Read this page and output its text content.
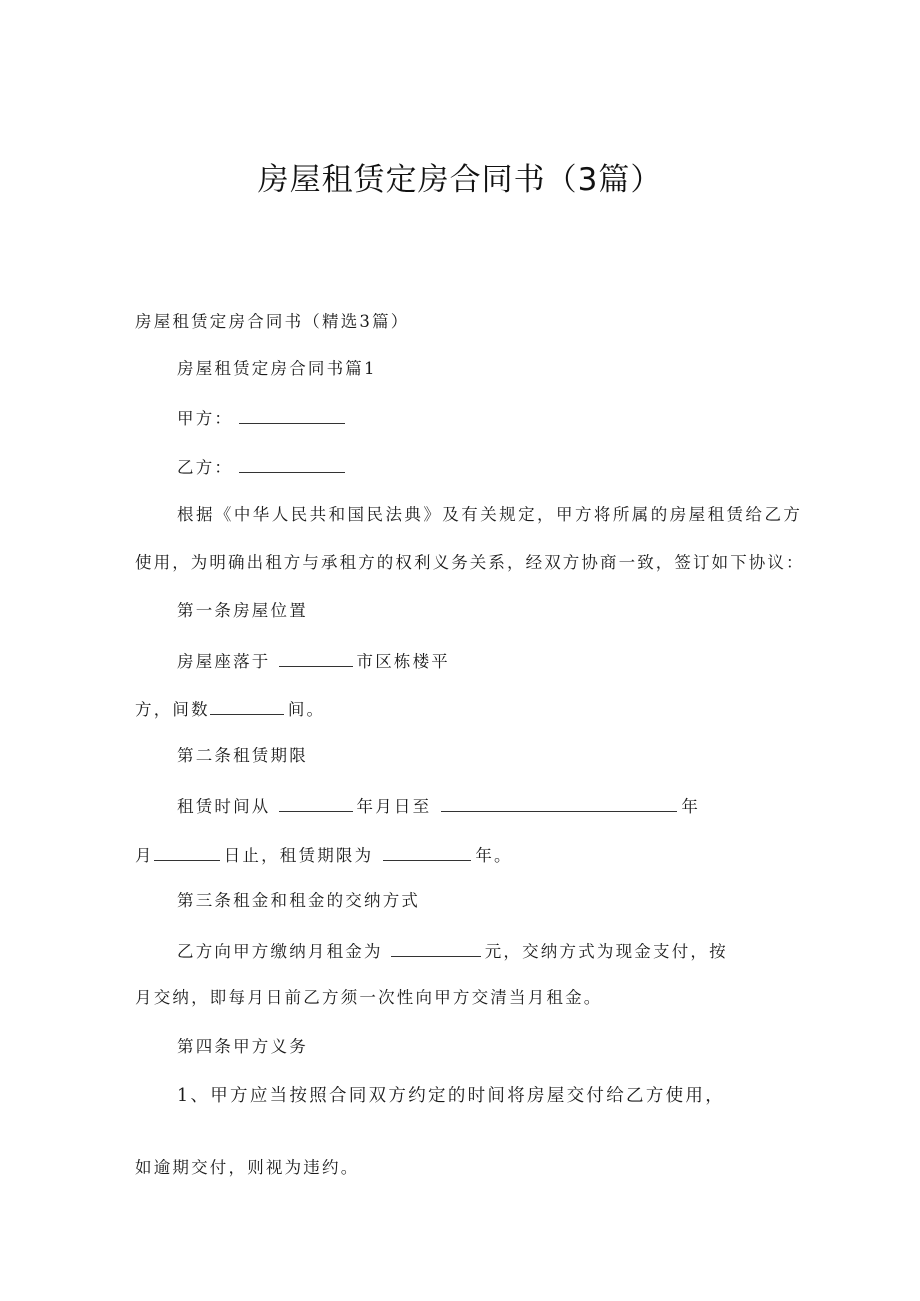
房屋租赁定房合同书（3篇）
房屋租赁定房合同书（精选3篇）
房屋租赁定房合同书篇1
甲方：
乙方：
根据《中华人民共和国民法典》及有关规定，甲方将所属的房屋租赁给乙方
使用，为明确出租方与承租方的权利义务关系，经双方协商一致，签订如下协议：
第一条房屋位置
房屋座落于	市区栋楼平
方，间数	间。
第二条租赁期限
租赁时间从	年月日至	年
月	日止，租赁期限为	年。
第三条租金和租金的交纳方式
乙方向甲方缴纳月租金为	元，交纳方式为现金支付，按
月交纳，即每月日前乙方须一次性向甲方交清当月租金。
第四条甲方义务
1、甲方应当按照合同双方约定的时间将房屋交付给乙方使用，
如逾期交付，则视为违约。
